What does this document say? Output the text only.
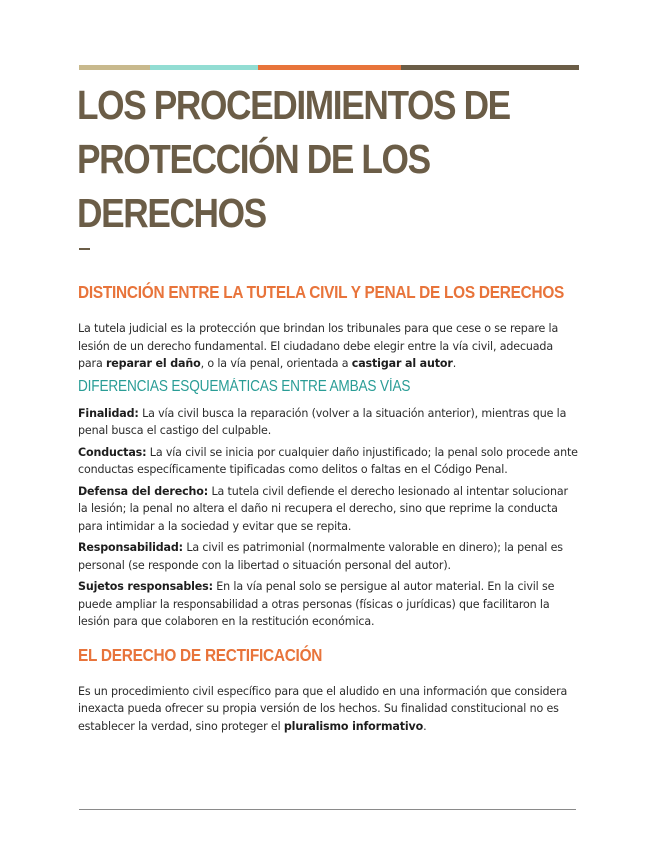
LOS PROCEDIMIENTOS DE
PROTECCIÓN DE LOS
DERECHOS
DISTINCIÓN ENTRE LA TUTELA CIVIL Y PENAL DE LOS DERECHOS

La tutela judicial es la protección que brindan los tribunales para que cese o se repare la lesión de un derecho fundamental. El ciudadano debe elegir entre la vía civil, adecuada para reparar el daño, o la vía penal, orientada a castigar al autor.

DIFERENCIAS ESQUEMÁTICAS ENTRE AMBAS VÍAS

Finalidad: La vía civil busca la reparación (volver a la situación anterior), mientras que la penal busca el castigo del culpable.

Conductas: La vía civil se inicia por cualquier daño injustificado; la penal solo procede ante conductas específicamente tipificadas como delitos o faltas en el Código Penal.

Defensa del derecho: La tutela civil defiende el derecho lesionado al intentar solucionar la lesión; la penal no altera el daño ni recupera el derecho, sino que reprime la conducta para intimidar a la sociedad y evitar que se repita.

Responsabilidad: La civil es patrimonial (normalmente valorable en dinero); la penal es personal (se responde con la libertad o situación personal del autor).

Sujetos responsables: En la vía penal solo se persigue al autor material. En la civil se puede ampliar la responsabilidad a otras personas (físicas o jurídicas) que facilitaron la lesión para que colaboren en la restitución económica.

EL DERECHO DE RECTIFICACIÓN

Es un procedimiento civil específico para que el aludido en una información que considera inexacta pueda ofrecer su propia versión de los hechos. Su finalidad constitucional no es establecer la verdad, sino proteger el pluralismo informativo.
